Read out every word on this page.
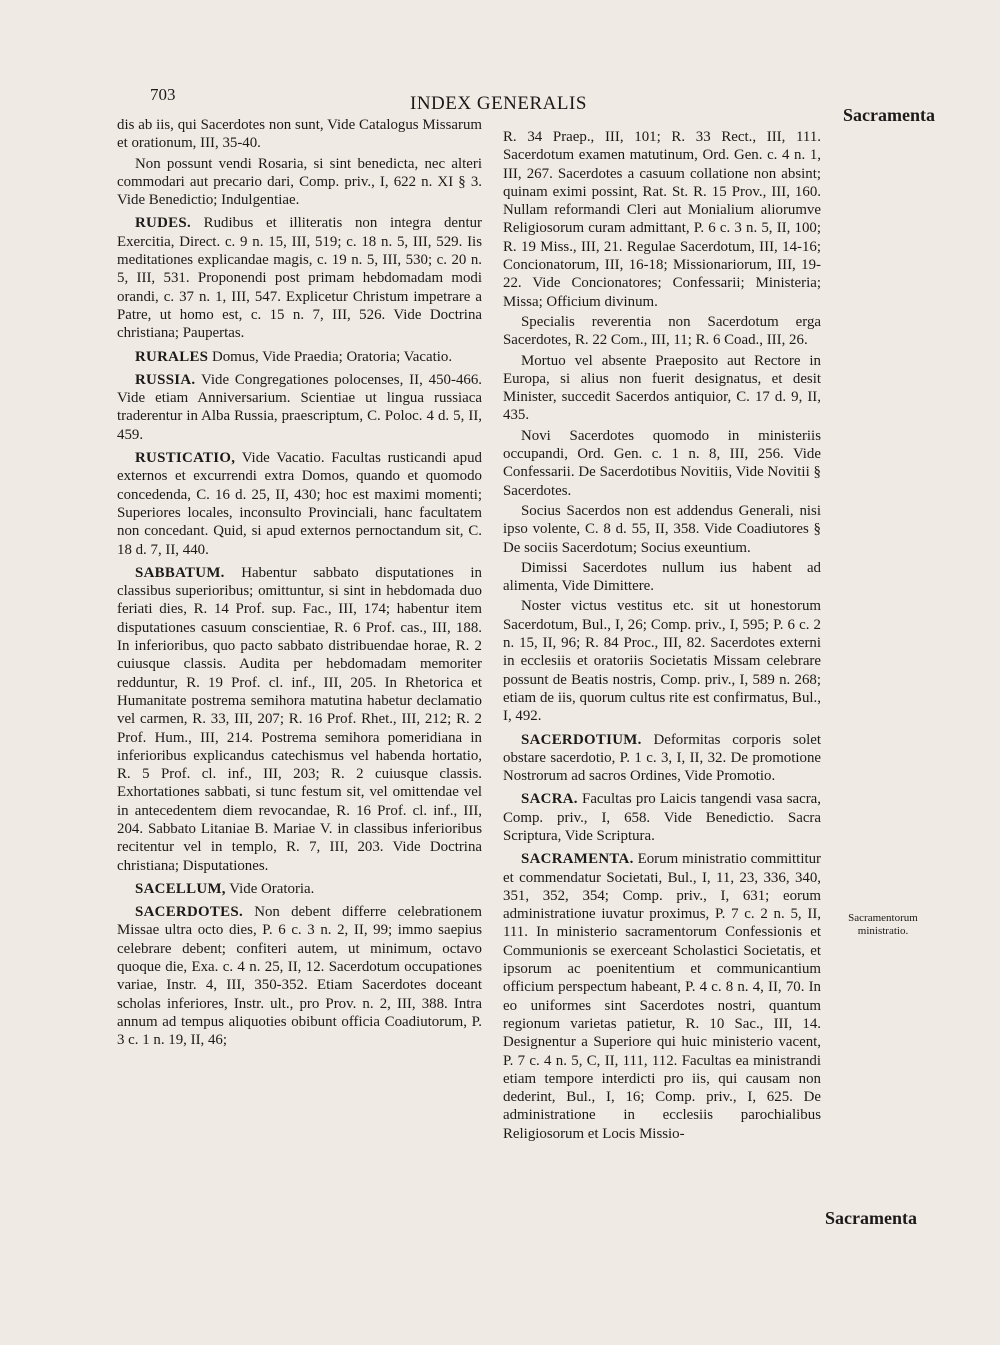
703	INDEX GENERALIS
Sacramenta

dis ab iis, qui Sacerdotes non sunt, Vide Catalogus Missarum et orationum, III, 35-40.

Non possunt vendi Rosaria, si sint benedicta, nec alteri commodari aut precario dari, Comp. priv., I, 622 n. XI § 3. Vide Benedictio; Indulgentiae.

RUDES. Rudibus et illiteratis non integra dentur Exercitia, Direct. c. 9 n. 15, III, 519; c. 18 n. 5, III, 529. Iis meditationes explicandae magis, c. 19 n. 5, III, 530; c. 20 n. 5, III, 531. Proponendi post primam hebdomadam modi orandi, c. 37 n. 1, III, 547. Explicetur Christum impetrare a Patre, ut homo est, c. 15 n. 7, III, 526. Vide Doctrina christiana; Paupertas.

RURALES Domus, Vide Praedia; Oratoria; Vacatio.

RUSSIA. Vide Congregationes polocenses, II, 450-466. Vide etiam Anniversarium. Scientiae ut lingua russiaca traderentur in Alba Russia, praescriptum, C. Poloc. 4 d. 5, II, 459.

RUSTICATIO, Vide Vacatio. Facultas rusticandi apud externos et excurrendi extra Domos, quando et quomodo concedenda, C. 16 d. 25, II, 430; hoc est maximi momenti; Superiores locales, inconsulto Provinciali, hanc facultatem non concedant. Quid, si apud externos pernoctandum sit, C. 18 d. 7, II, 440.

SABBATUM. Habentur sabbato disputationes in classibus superioribus; omittuntur, si sint in hebdomada duo feriati dies, R. 14 Prof. sup. Fac., III, 174; habentur item disputationes casuum conscientiae, R. 6 Prof. cas., III, 188. In inferioribus, quo pacto sabbato distribuendae horae, R. 2 cuiusque classis. Audita per hebdomadam memoriter redduntur, R. 19 Prof. cl. inf., III, 205. In Rhetorica et Humanitate postrema semihora matutina habetur declamatio vel carmen, R. 33, III, 207; R. 16 Prof. Rhet., III, 212; R. 2 Prof. Hum., III, 214. Postrema semihora pomeridiana in inferioribus explicandus catechismus vel habenda hortatio, R. 5 Prof. cl. inf., III, 203; R. 2 cuiusque classis. Exhortationes sabbati, si tunc festum sit, vel omittendae vel in antecedentem diem revocandae, R. 16 Prof. cl. inf., III, 204. Sabbato Litaniae B. Mariae V. in classibus inferioribus recitentur vel in templo, R. 7, III, 203. Vide Doctrina christiana; Disputationes.

SACELLUM, Vide Oratoria.

SACERDOTES. Non debent differre celebrationem Missae ultra octo dies, P. 6 c. 3 n. 2, II, 99; immo saepius celebrare debent; confiteri autem, ut minimum, octavo quoque die, Exa. c. 4 n. 25, II, 12. Sacerdotum occupationes variae, Instr. 4, III, 350-352. Etiam Sacerdotes doceant scholas inferiores, Instr. ult., pro Prov. n. 2, III, 388. Intra annum ad tempus aliquoties obibunt officia Coadiutorum, P. 3 c. 1 n. 19, II, 46;

R. 34 Praep., III, 101; R. 33 Rect., III, 111. Sacerdotum examen matutinum, Ord. Gen. c. 4 n. 1, III, 267. Sacerdotes a casuum collatione non absint; quinam eximi possint, Rat. St. R. 15 Prov., III, 160. Nullam reformandi Cleri aut Monialium aliorumve Religiosorum curam admittant, P. 6 c. 3 n. 5, II, 100; R. 19 Miss., III, 21. Regulae Sacerdotum, III, 14-16; Concionatorum, III, 16-18; Missionariorum, III, 19-22. Vide Concionatores; Confessarii; Ministeria; Missa; Officium divinum.

Specialis reverentia non Sacerdotum erga Sacerdotes, R. 22 Com., III, 11; R. 6 Coad., III, 26.

Mortuo vel absente Praeposito aut Rectore in Europa, si alius non fuerit designatus, et desit Minister, succedit Sacerdos antiquior, C. 17 d. 9, II, 435.

Novi Sacerdotes quomodo in ministeriis occupandi, Ord. Gen. c. 1 n. 8, III, 256. Vide Confessarii. De Sacerdotibus Novitiis, Vide Novitii § Sacerdotes.

Socius Sacerdos non est addendus Generali, nisi ipso volente, C. 8 d. 55, II, 358. Vide Coadiutores § De sociis Sacerdotum; Socius exeuntium.

Dimissi Sacerdotes nullum ius habent ad alimenta, Vide Dimittere.

Noster victus vestitus etc. sit ut honestorum Sacerdotum, Bul., I, 26; Comp. priv., I, 595; P. 6 c. 2 n. 15, II, 96; R. 84 Proc., III, 82. Sacerdotes externi in ecclesiis et oratoriis Societatis Missam celebrare possunt de Beatis nostris, Comp. priv., I, 589 n. 268; etiam de iis, quorum cultus rite est confirmatus, Bul., I, 492.

SACERDOTIUM. Deformitas corporis solet obstare sacerdotio, P. 1 c. 3, I, II, 32. De promotione Nostrorum ad sacros Ordines, Vide Promotio.

SACRA. Facultas pro Laicis tangendi vasa sacra, Comp. priv., I, 658. Vide Benedictio. Sacra Scriptura, Vide Scriptura.

SACRAMENTA. Eorum ministratio committitur et commendatur Societati, Bul., I, 11, 23, 336, 340, 351, 352, 354; Comp. priv., I, 631; eorum administratione iuvatur proximus, P. 7 c. 2 n. 5, II, 111. In ministerio sacramentorum Confessionis et Communionis se exerceant Scholastici Societatis, et ipsorum ac poenitentium et communicantium officium perspectum habeant, P. 4 c. 8 n. 4, II, 70. In eo uniformes sint Sacerdotes nostri, quantum regionum varietas patietur, R. 10 Sac., III, 14. Designentur a Superiore qui huic ministerio vacent, P. 7 c. 4 n. 5, C, II, 111, 112. Facultas ea ministrandi etiam tempore interdicti pro iis, qui causam non dederint, Bul., I, 16; Comp. priv., I, 625. De administratione in ecclesiis parochialibus Religiosorum et Locis Missio-

Sacramentorum ministratio.
Sacramenta
